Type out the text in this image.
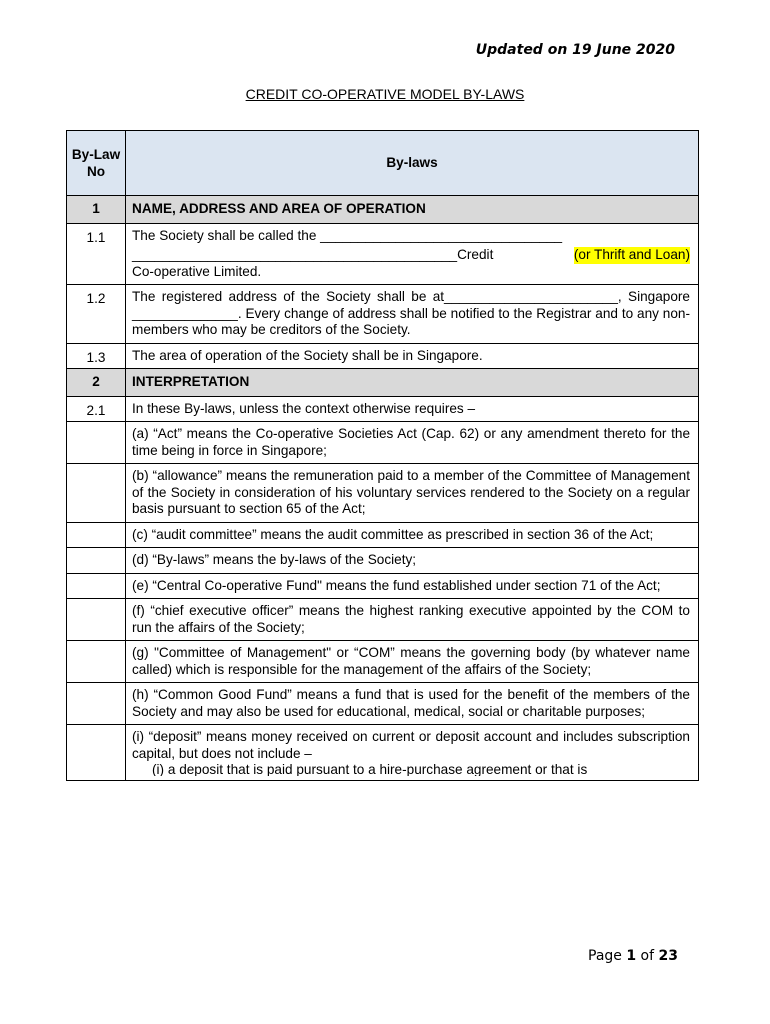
Updated on 19 June 2020
CREDIT CO-OPERATIVE MODEL BY-LAWS
By-Law No	By-laws
1	NAME, ADDRESS AND AREA OF OPERATION
1.1	The Society shall be called the ________________________________
___________________________________________Credit (or Thrift and Loan)
Co-operative Limited.

1.2	The registered address of the Society shall be at_______________________, Singapore ______________. Every change of address shall be notified to the Registrar and to any non-members who may be creditors of the Society.
1.3	The area of operation of the Society shall be in Singapore.
2	INTERPRETATION
2.1	In these By-laws, unless the context otherwise requires –
	(a) “Act” means the Co-operative Societies Act (Cap. 62) or any amendment thereto for the time being in force in Singapore;
	(b) “allowance” means the remuneration paid to a member of the Committee of Management of the Society in consideration of his voluntary services rendered to the Society on a regular basis pursuant to section 65 of the Act;
	(c) “audit committee” means the audit committee as prescribed in section 36 of the Act;
	(d) “By-laws” means the by-laws of the Society;
	(e) “Central Co-operative Fund" means the fund established under section 71 of the Act;
	(f) “chief executive officer” means the highest ranking executive appointed by the COM to run the affairs of the Society;
	(g) "Committee of Management" or “COM” means the governing body (by whatever name called) which is responsible for the management of the affairs of the Society;
	(h) “Common Good Fund” means a fund that is used for the benefit of the members of the Society and may also be used for educational, medical, social or charitable purposes;

	(i) “deposit” means money received on current or deposit account and includes subscription capital, but does not include –
(i) a deposit that is paid pursuant to a hire-purchase agreement or that is
Page 1 of 23
